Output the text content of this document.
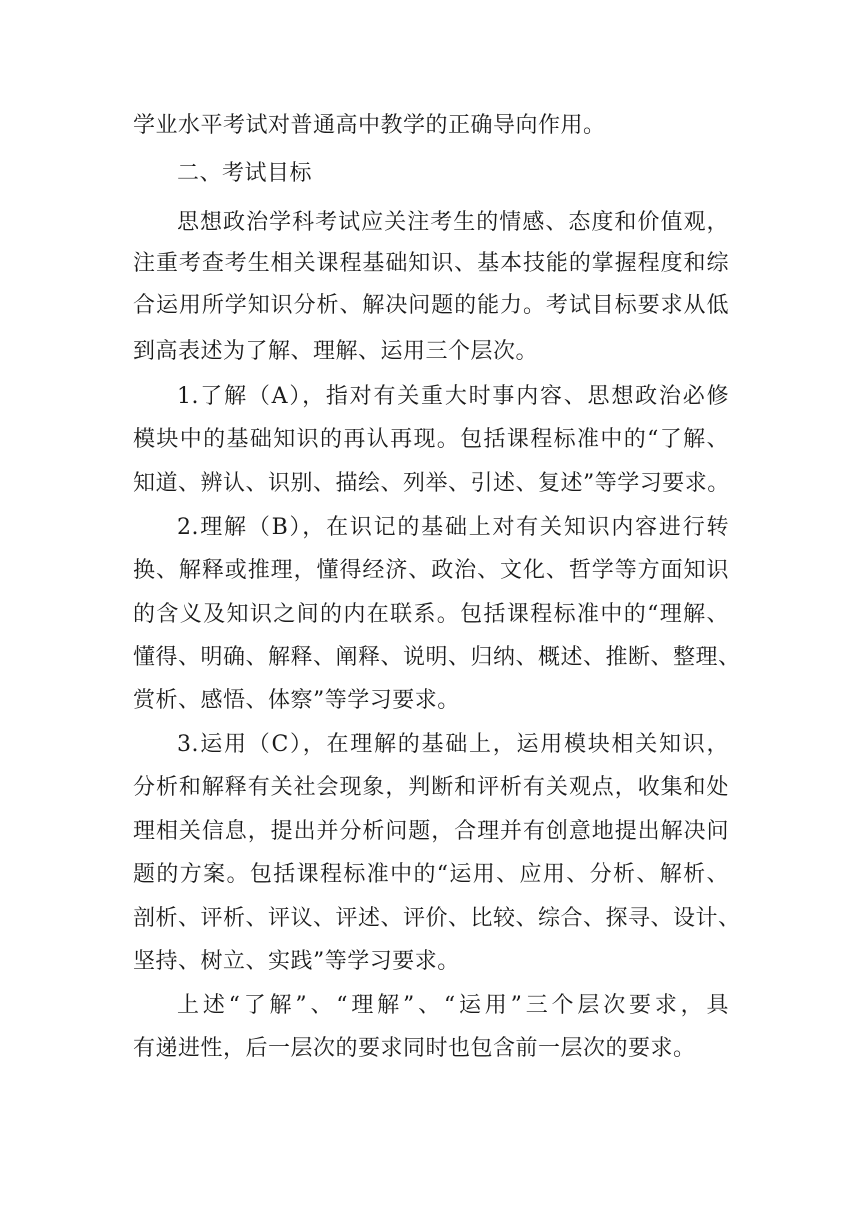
学业水平考试对普通高中教学的正确导向作用。
二、考试目标
思想政治学科考试应关注考生的情感、态度和价值观，
注重考查考生相关课程基础知识、基本技能的掌握程度和综
合运用所学知识分析、解决问题的能力。考试目标要求从低
到高表述为了解、理解、运用三个层次。
1.了解（A），指对有关重大时事内容、思想政治必修
模块中的基础知识的再认再现。包括课程标准中的“了解、
知道、辨认、识别、描绘、列举、引述、复述”等学习要求。
2.理解（B），在识记的基础上对有关知识内容进行转
换、解释或推理，懂得经济、政治、文化、哲学等方面知识
的含义及知识之间的内在联系。包括课程标准中的“理解、
懂得、明确、解释、阐释、说明、归纳、概述、推断、整理、
赏析、感悟、体察”等学习要求。
3.运用（C），在理解的基础上，运用模块相关知识，
分析和解释有关社会现象，判断和评析有关观点，收集和处
理相关信息，提出并分析问题，合理并有创意地提出解决问
题的方案。包括课程标准中的“运用、应用、分析、解析、
剖析、评析、评议、评述、评价、比较、综合、探寻、设计、
坚持、树立、实践”等学习要求。
上述“了解”、“理解”、“运用”三个层次要求，具
有递进性，后一层次的要求同时也包含前一层次的要求。
